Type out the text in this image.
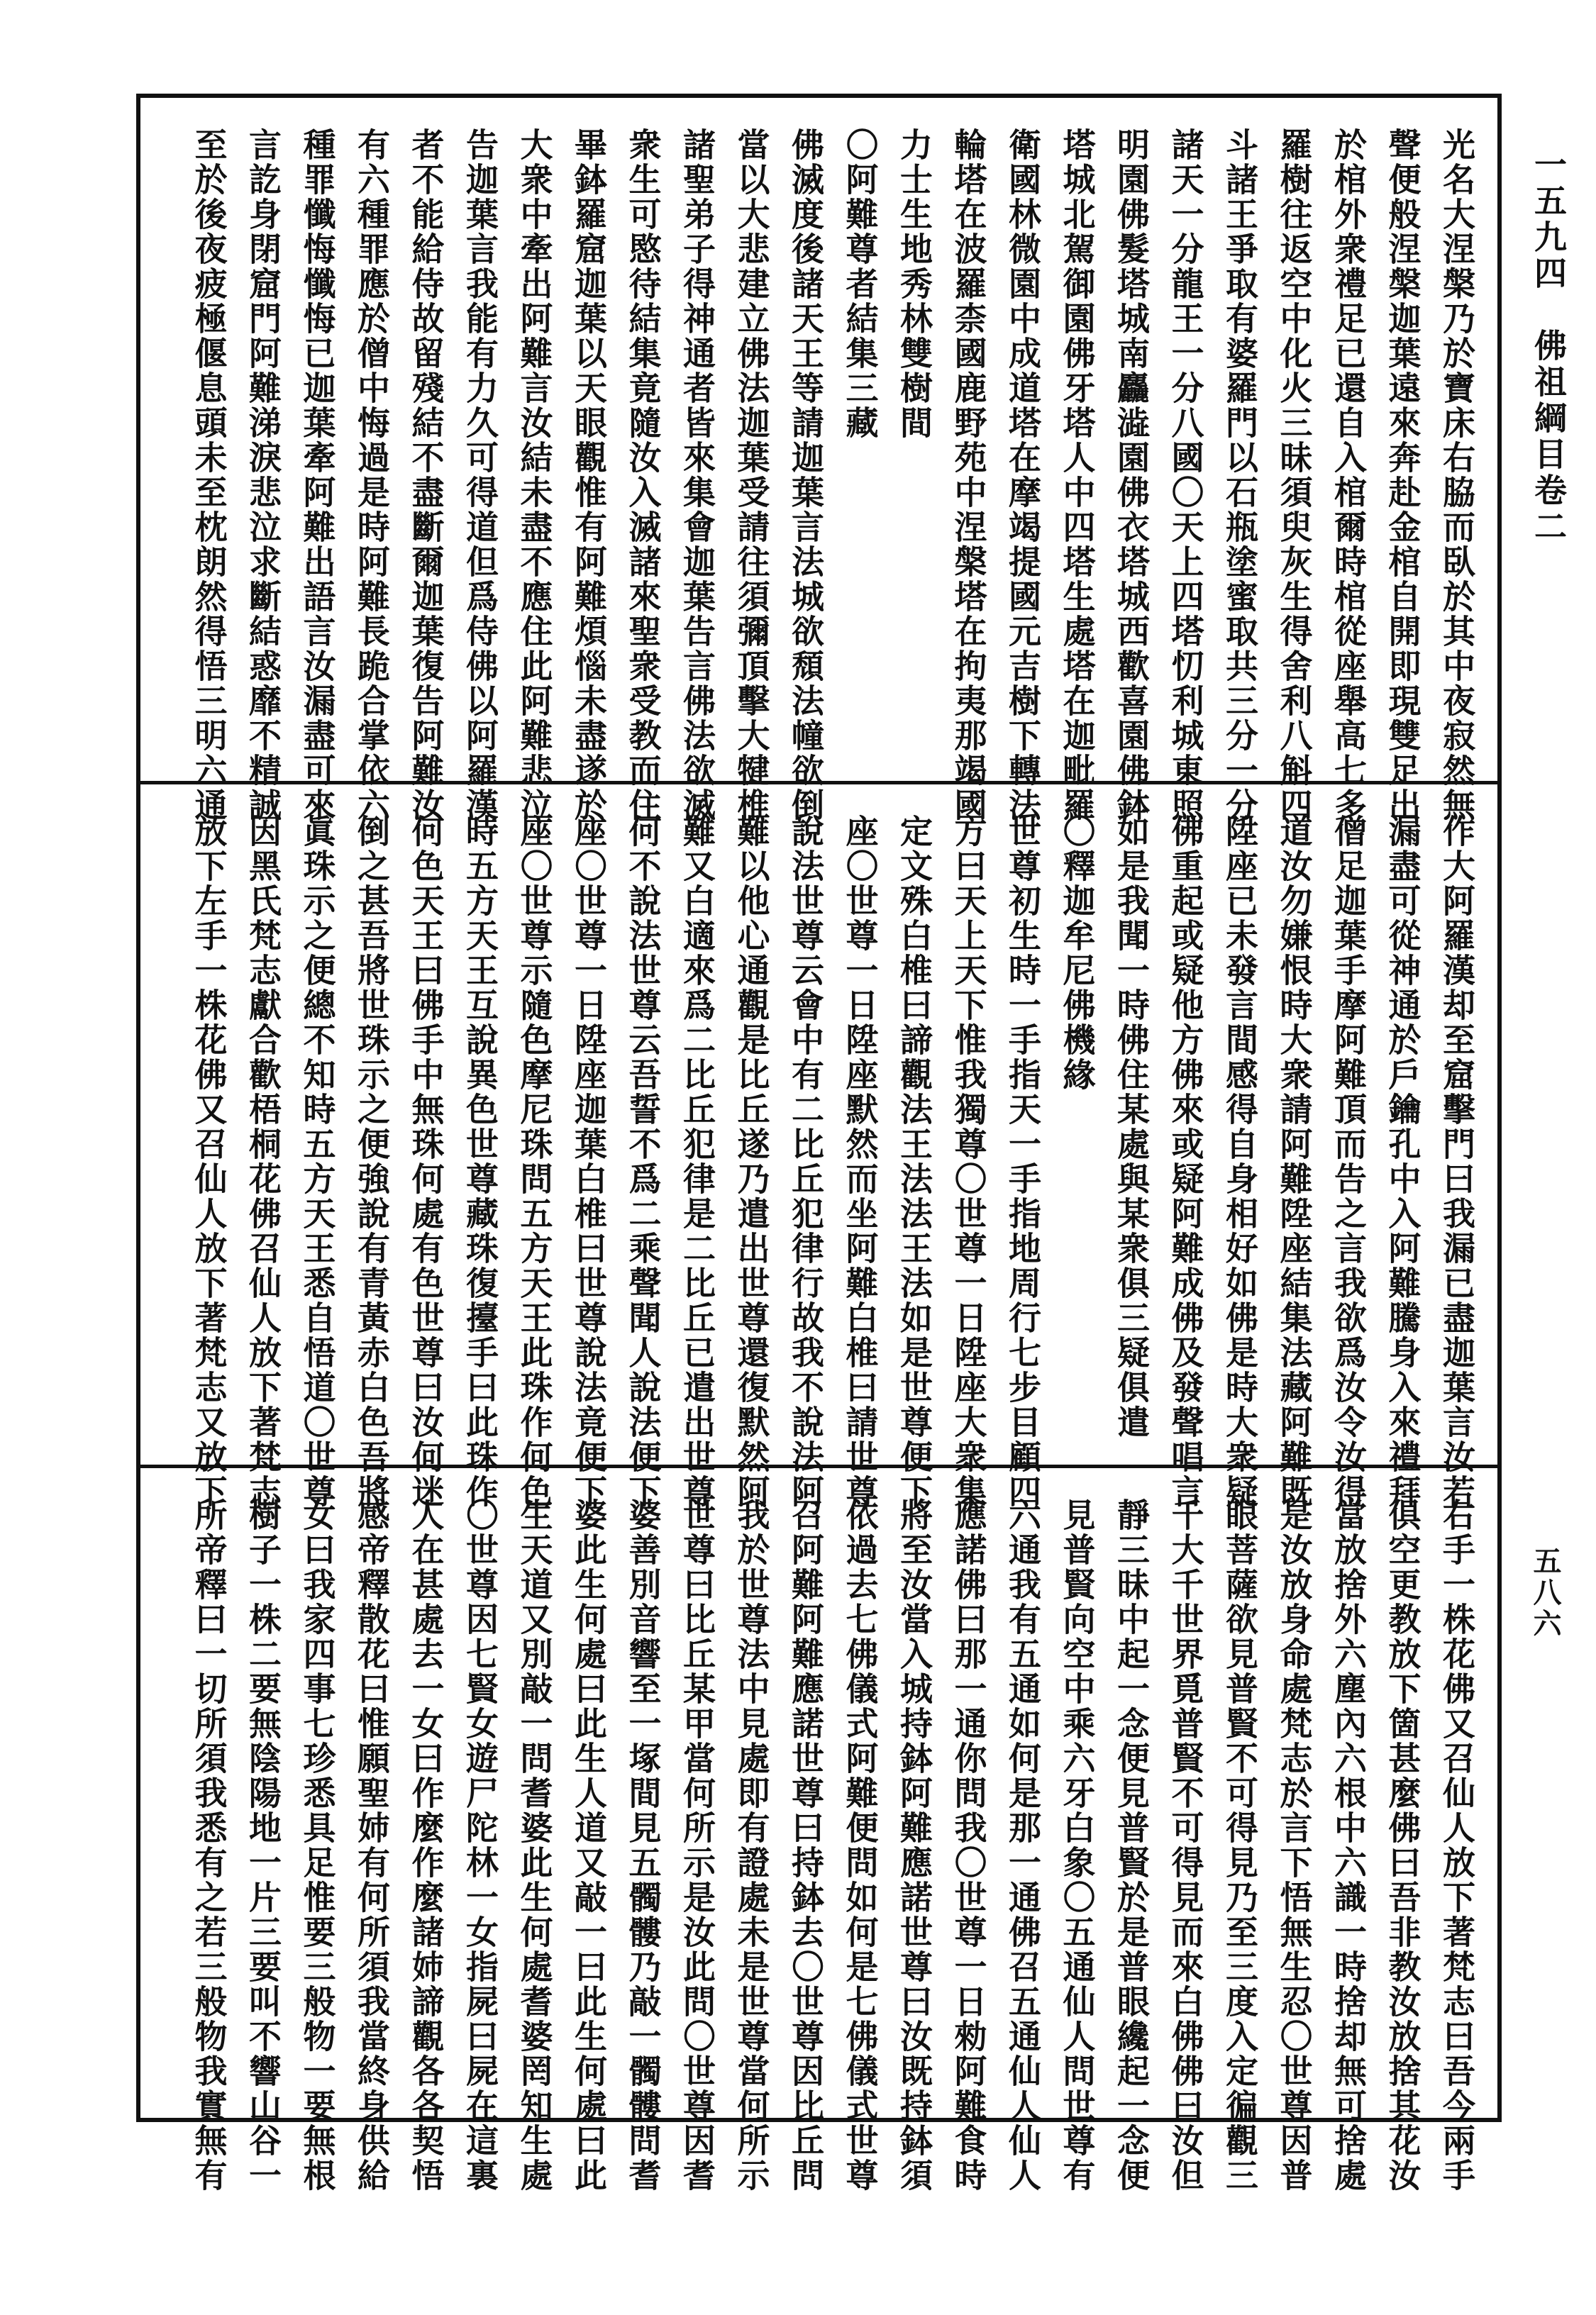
一五九四　佛祖綱目卷二
五八六
光名大涅槃乃於寶床右脇而臥於其中夜寂然無
聲便般涅槃迦葉遠來奔赴金棺自開即現雙足出
於棺外衆禮足已還自入棺爾時棺從座舉高七多
羅樹往返空中化火三昧須臾灰生得舍利八斛四
斗諸王爭取有婆羅門以石瓶塗蜜取共三分一分
諸天一分龍王一分八國〇天上四塔忉利城東照
明園佛髮塔城南麤澁園佛衣塔城西歡喜園佛鉢
塔城北駕御園佛牙塔人中四塔生處塔在迦毗羅
衛國林微園中成道塔在摩竭提國元吉樹下轉法
輪塔在波羅柰國鹿野苑中涅槃塔在拘夷那竭國
力士生地秀林雙樹間
〇阿難尊者結集三藏
佛滅度後諸天王等請迦葉言法城欲頹法幢欲倒
當以大悲建立佛法迦葉受請往須彌頂擊大犍椎
諸聖弟子得神通者皆來集會迦葉告言佛法欲滅
衆生可愍待結集竟隨汝入滅諸來聖衆受教而住
畢鉢羅窟迦葉以天眼觀惟有阿難煩惱未盡遂於
大衆中牽出阿難言汝結未盡不應住此阿難悲泣
告迦葉言我能有力久可得道但爲侍佛以阿羅漢
者不能給侍故留殘結不盡斷爾迦葉復告阿難汝
有六種罪應於僧中悔過是時阿難長跪合掌依六
種罪懺悔懺悔已迦葉牽阿難出語言汝漏盡可來
言訖身閉窟門阿難涕淚悲泣求斷結惑靡不精誠
至於後夜疲極偃息頭未至枕朗然得悟三明六通
作大阿羅漢却至窟擊門曰我漏已盡迦葉言汝若
漏盡可從神通於戶鑰孔中入阿難騰身入來禮拜
僧足迦葉手摩阿難頂而告之言我欲爲汝令汝得
道汝勿嫌恨時大衆請阿難陞座結集法藏阿難既
陞座已未發言間感得自身相好如佛是時大衆疑
佛重起或疑他方佛來或疑阿難成佛及發聲唱言
如是我聞一時佛住某處與某衆俱三疑俱遣
〇釋迦牟尼佛機緣
世尊初生時一手指天一手指地周行七步目顧四
方曰天上天下惟我獨尊〇世尊一日陞座大衆集
定文殊白椎曰諦觀法王法法王法如是世尊便下
座〇世尊一日陞座默然而坐阿難白椎曰請世尊
說法世尊云會中有二比丘犯律行故我不說法阿
難以他心通觀是比丘遂乃遣出世尊還復默然阿
難又白適來爲二比丘犯律是二比丘已遣出世尊
何不說法世尊云吾誓不爲二乘聲聞人說法便下
座〇世尊一日陞座迦葉白椎曰世尊說法竟便下
座〇世尊示隨色摩尼珠問五方天王此珠作何色
時五方天王互說異色世尊藏珠復擡手曰此珠作
何色天王曰佛手中無珠何處有色世尊曰汝何迷
倒之甚吾將世珠示之便強說有青黃赤白色吾將
眞珠示之便總不知時五方天王悉自悟道〇世尊
因黑氏梵志獻合歡梧桐花佛召仙人放下著梵志
放下左手一株花佛又召仙人放下著梵志又放下
右手一株花佛又召仙人放下著梵志曰吾今兩手
俱空更教放下箇甚麼佛曰吾非教汝放捨其花汝
當放捨外六塵內六根中六識一時捨却無可捨處
是汝放身命處梵志於言下悟無生忍〇世尊因普
眼菩薩欲見普賢不可得見乃至三度入定徧觀三
千大千世界覓普賢不可得見而來白佛佛曰汝但
靜三昧中起一念便見普賢於是普眼纔起一念便
見普賢向空中乘六牙白象〇五通仙人問世尊有
六通我有五通如何是那一通佛召五通仙人仙人
應諾佛曰那一通你問我〇世尊一日勑阿難食時
將至汝當入城持鉢阿難應諾世尊曰汝既持鉢須
依過去七佛儀式阿難便問如何是七佛儀式世尊
召阿難阿難應諾世尊曰持鉢去〇世尊因比丘問
我於世尊法中見處即有證處未是世尊當何所示
世尊曰比丘某甲當何所示是汝此問〇世尊因耆
婆善別音響至一塚間見五髑髏乃敲一髑髏問耆
婆此生何處曰此生人道又敲一曰此生何處曰此
生天道又別敲一問耆婆此生何處耆婆罔知生處
〇世尊因七賢女遊尸陀林一女指屍曰屍在這裏
人在甚處去一女曰作麼作麼諸姉諦觀各各契悟
感帝釋散花曰惟願聖姉有何所須我當終身供給
女曰我家四事七珍悉具足惟要三般物一要無根
樹子一株二要無陰陽地一片三要叫不響山谷一
所帝釋曰一切所須我悉有之若三般物我實無有
